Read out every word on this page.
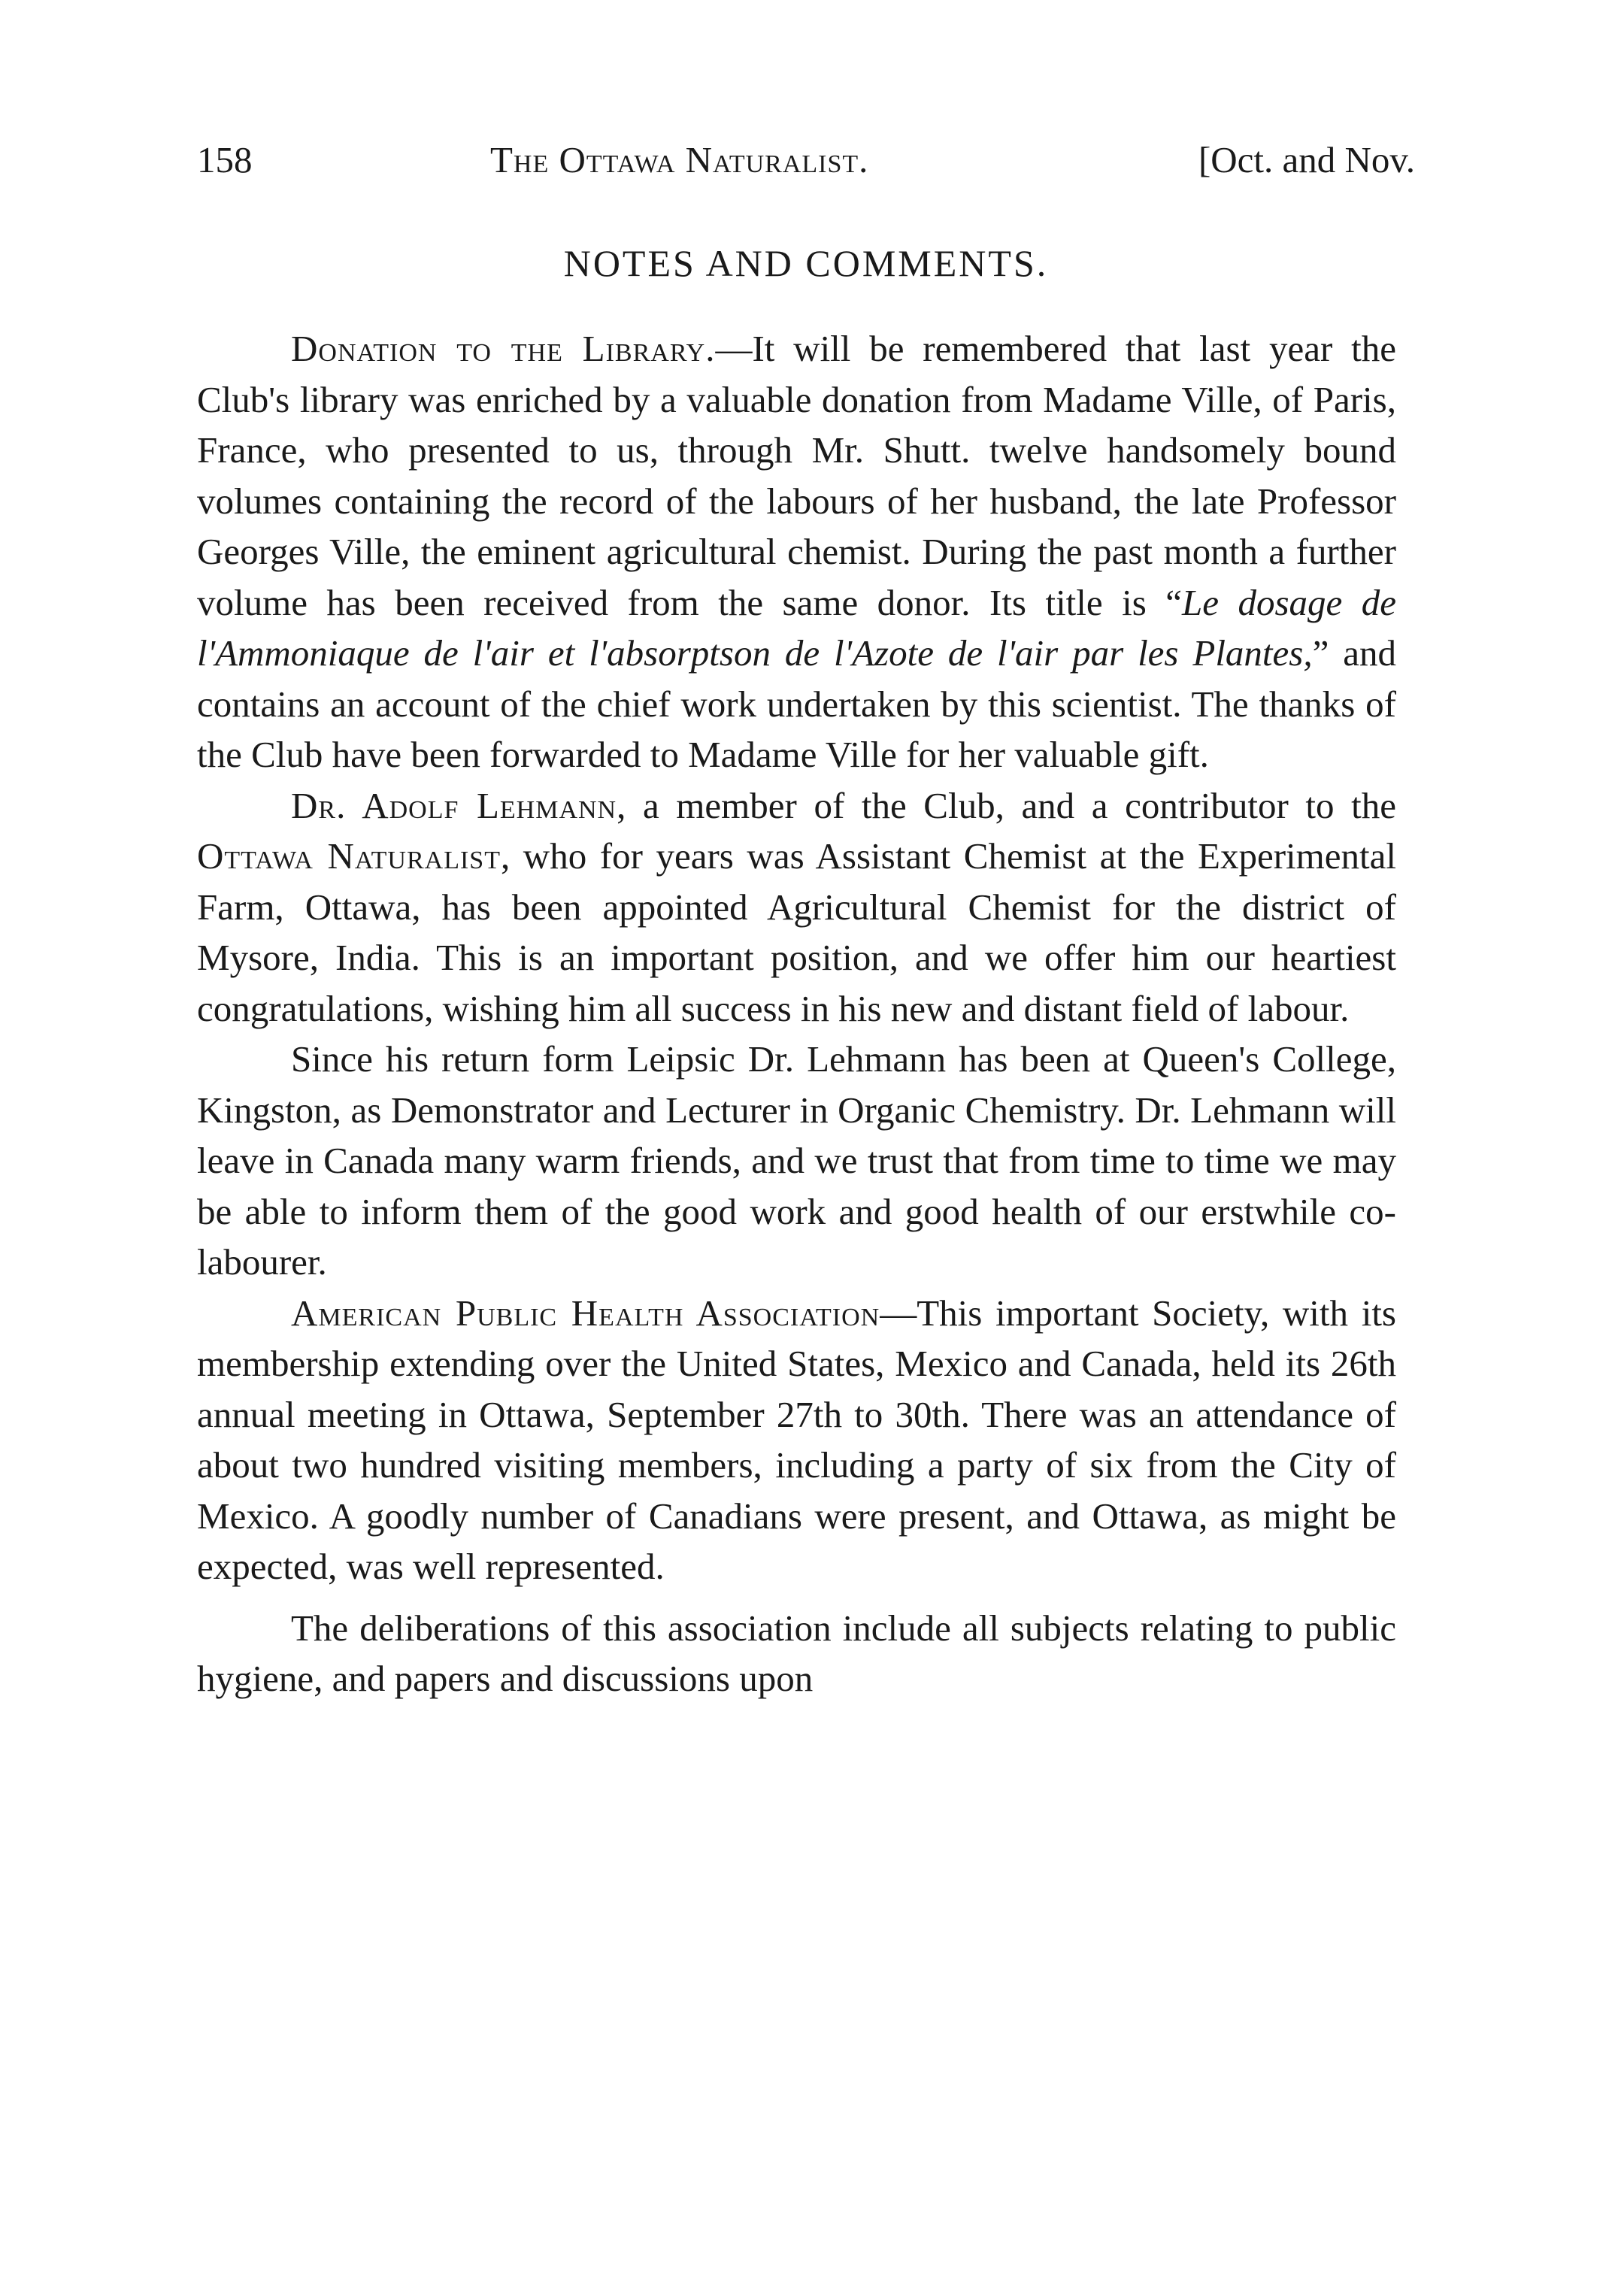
158	The Ottawa Naturalist.	[Oct. and Nov.
NOTES AND COMMENTS.

Donation to the Library.—It will be remembered that last year the Club's library was enriched by a valuable donation from Madame Ville, of Paris, France, who presented to us, through Mr. Shutt. twelve handsomely bound volumes containing the record of the labours of her husband, the late Professor Georges Ville, the eminent agricultural chemist. During the past month a further volume has been received from the same donor. Its title is “Le dosage de l'Ammoniaque de l'air et l'absorptson de l'Azote de l'air par les Plantes,” and contains an account of the chief work undertaken by this scientist. The thanks of the Club have been forwarded to Madame Ville for her valuable gift.

Dr. Adolf Lehmann, a member of the Club, and a contributor to the Ottawa Naturalist, who for years was Assistant Chemist at the Experimental Farm, Ottawa, has been appointed Agricultural Chemist for the district of Mysore, India. This is an important position, and we offer him our heartiest congratulations, wishing him all success in his new and distant field of labour.

Since his return form Leipsic Dr. Lehmann has been at Queen's College, Kingston, as Demonstrator and Lecturer in Organic Chemistry. Dr. Lehmann will leave in Canada many warm friends, and we trust that from time to time we may be able to inform them of the good work and good health of our erstwhile co-labourer.

American Public Health Association—This important Society, with its membership extending over the United States, Mexico and Canada, held its 26th annual meeting in Ottawa, September 27th to 30th. There was an attendance of about two hundred visiting members, including a party of six from the City of Mexico. A goodly number of Canadians were present, and Ottawa, as might be expected, was well represented.

The deliberations of this association include all subjects relating to public hygiene, and papers and discussions upon
